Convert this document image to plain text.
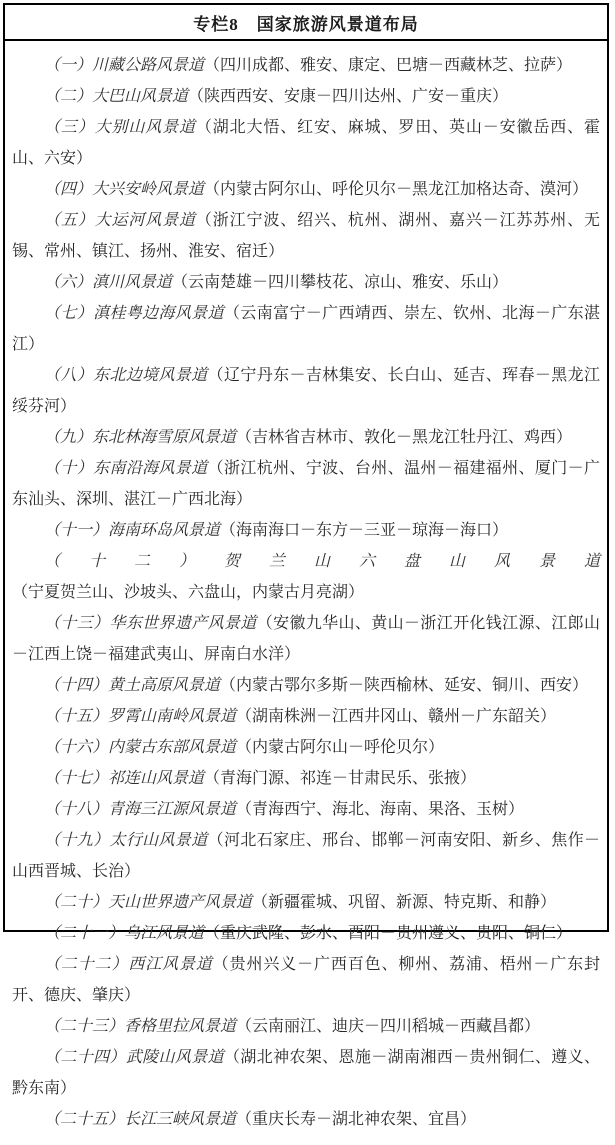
专栏8　国家旅游风景道布局

（一）川藏公路风景道（四川成都、雅安、康定、巴塘－西藏林芝、拉萨）

（二）大巴山风景道（陕西西安、安康－四川达州、广安－重庆）

（三）大别山风景道（湖北大悟、红安、麻城、罗田、英山－安徽岳西、霍山、六安）

（四）大兴安岭风景道（内蒙古阿尔山、呼伦贝尔－黑龙江加格达奇、漠河）

（五）大运河风景道（浙江宁波、绍兴、杭州、湖州、嘉兴－江苏苏州、无锡、常州、镇江、扬州、淮安、宿迁）

（六）滇川风景道（云南楚雄－四川攀枝花、凉山、雅安、乐山）

（七）滇桂粤边海风景道（云南富宁－广西靖西、崇左、钦州、北海－广东湛江）

（八）东北边境风景道（辽宁丹东－吉林集安、长白山、延吉、珲春－黑龙江绥芬河）

（九）东北林海雪原风景道（吉林省吉林市、敦化－黑龙江牡丹江、鸡西）

（十）东南沿海风景道（浙江杭州、宁波、台州、温州－福建福州、厦门－广东汕头、深圳、湛江－广西北海）

（十一）海南环岛风景道（海南海口－东方－三亚－琼海－海口）

（十二）贺兰山六盘山风景道（宁夏贺兰山、沙坡头、六盘山，内蒙古月亮湖）

（十三）华东世界遗产风景道（安徽九华山、黄山－浙江开化钱江源、江郎山－江西上饶－福建武夷山、屏南白水洋）

（十四）黄土高原风景道（内蒙古鄂尔多斯－陕西榆林、延安、铜川、西安）

（十五）罗霄山南岭风景道（湖南株洲－江西井冈山、赣州－广东韶关）

（十六）内蒙古东部风景道（内蒙古阿尔山－呼伦贝尔）

（十七）祁连山风景道（青海门源、祁连－甘肃民乐、张掖）

（十八）青海三江源风景道（青海西宁、海北、海南、果洛、玉树）

（十九）太行山风景道（河北石家庄、邢台、邯郸－河南安阳、新乡、焦作－山西晋城、长治）

（二十）天山世界遗产风景道（新疆霍城、巩留、新源、特克斯、和静）

（二十一）乌江风景道（重庆武隆、彭水、酉阳－贵州遵义、贵阳、铜仁）

（二十二）西江风景道（贵州兴义－广西百色、柳州、荔浦、梧州－广东封开、德庆、肇庆）

（二十三）香格里拉风景道（云南丽江、迪庆－四川稻城－西藏昌都）

（二十四）武陵山风景道（湖北神农架、恩施－湖南湘西－贵州铜仁、遵义、黔东南）

（二十五）长江三峡风景道（重庆长寿－湖北神农架、宜昌）
